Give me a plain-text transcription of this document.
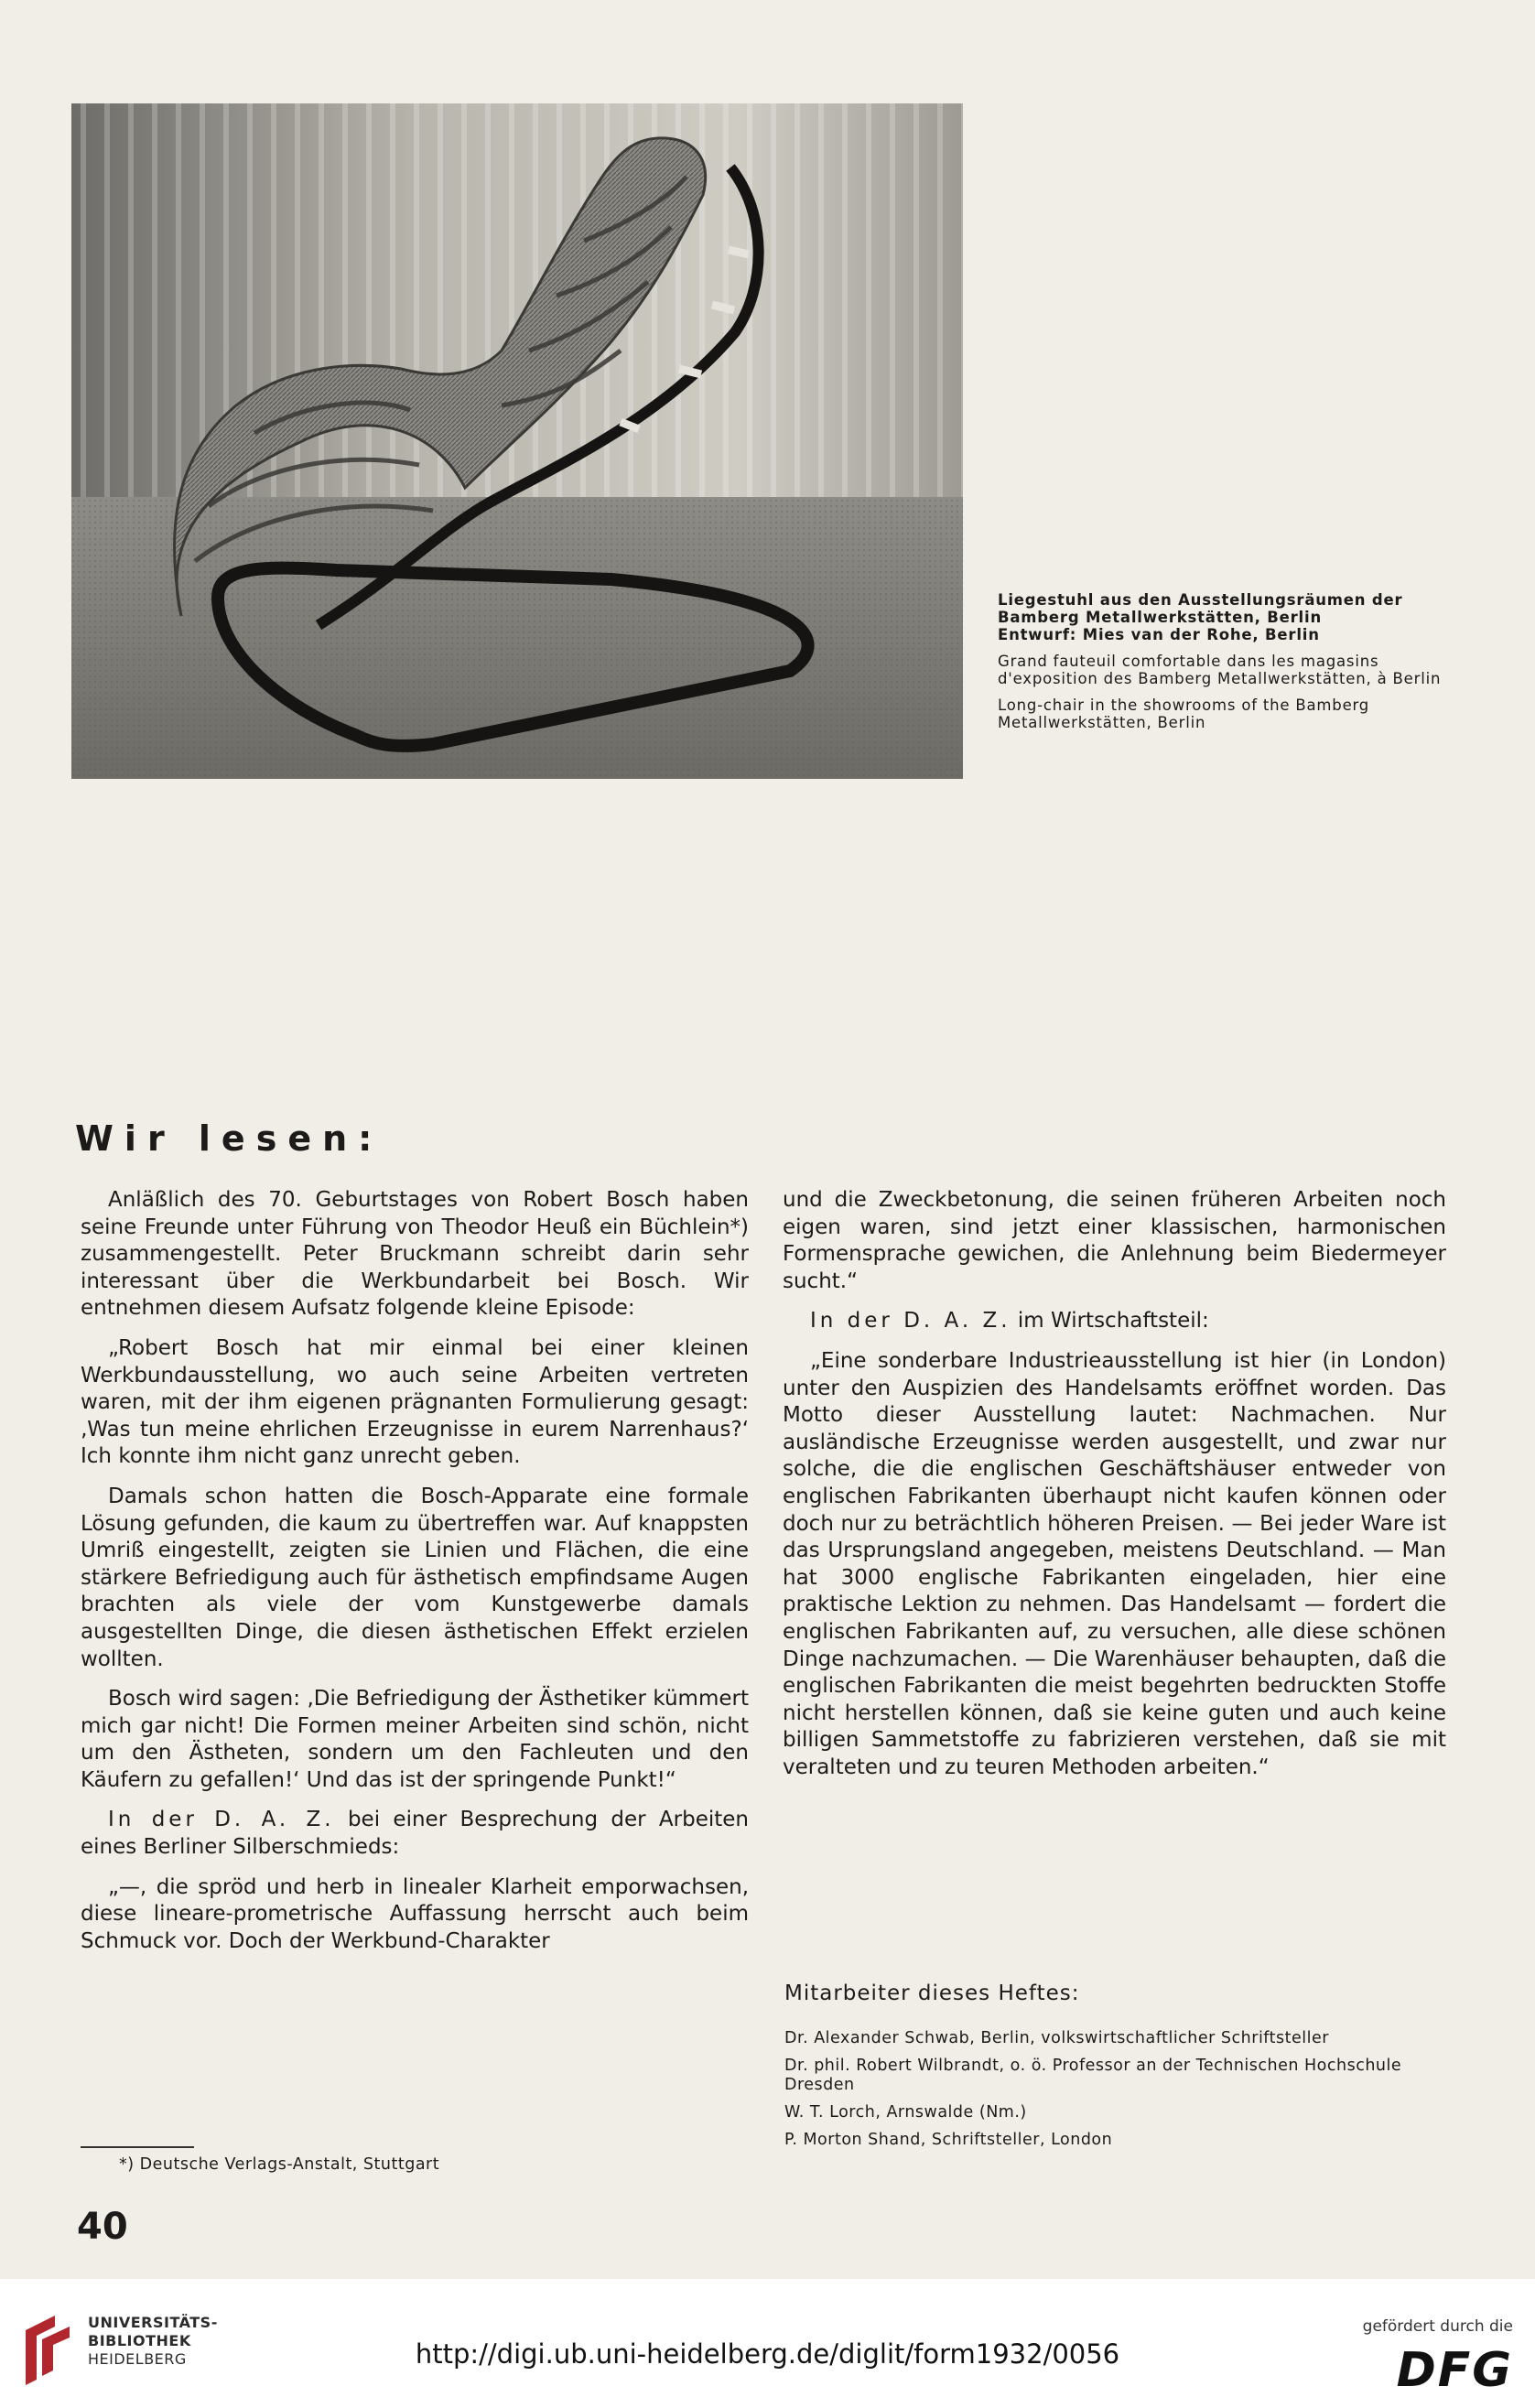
Liegestuhl aus den Ausstellungsräumen der
Bamberg Metallwerkstätten, Berlin
Entwurf: Mies van der Rohe, Berlin

Grand fauteuil comfortable dans les magasins d'exposition des Bamberg Metallwerkstätten, à Berlin

Long-chair in the showrooms of the Bamberg Metallwerkstätten, Berlin

Wir lesen:

Anläßlich des 70. Geburtstages von Robert Bosch haben seine Freunde unter Führung von Theodor Heuß ein Büchlein*) zusammengestellt. Peter Bruckmann schreibt darin sehr interessant über die Werkbundarbeit bei Bosch. Wir entnehmen diesem Aufsatz folgende kleine Episode:

„Robert Bosch hat mir einmal bei einer kleinen Werkbundausstellung, wo auch seine Arbeiten vertreten waren, mit der ihm eigenen prägnanten Formulierung gesagt: ‚Was tun meine ehrlichen Erzeugnisse in eurem Narrenhaus?‘ Ich konnte ihm nicht ganz unrecht geben.

Damals schon hatten die Bosch-Apparate eine formale Lösung gefunden, die kaum zu übertreffen war. Auf knappsten Umriß eingestellt, zeigten sie Linien und Flächen, die eine stärkere Befriedigung auch für ästhetisch empfindsame Augen brachten als viele der vom Kunstgewerbe damals ausgestellten Dinge, die diesen ästhetischen Effekt erzielen wollten.

Bosch wird sagen: ‚Die Befriedigung der Ästhetiker kümmert mich gar nicht! Die Formen meiner Arbeiten sind schön, nicht um den Ästheten, sondern um den Fachleuten und den Käufern zu gefallen!‘ Und das ist der springende Punkt!“

In der D. A. Z. bei einer Besprechung der Arbeiten eines Berliner Silberschmieds:

„—, die spröd und herb in linealer Klarheit emporwachsen, diese lineare-prometrische Auffassung herrscht auch beim Schmuck vor. Doch der Werkbund-Charakter

und die Zweckbetonung, die seinen früheren Arbeiten noch eigen waren, sind jetzt einer klassischen, harmonischen Formensprache gewichen, die Anlehnung beim Biedermeyer sucht.“

In der D. A. Z. im Wirtschaftsteil:

„Eine sonderbare Industrieausstellung ist hier (in London) unter den Auspizien des Handelsamts eröffnet worden. Das Motto dieser Ausstellung lautet: Nachmachen. Nur ausländische Erzeugnisse werden ausgestellt, und zwar nur solche, die die englischen Geschäftshäuser entweder von englischen Fabrikanten überhaupt nicht kaufen können oder doch nur zu beträchtlich höheren Preisen. — Bei jeder Ware ist das Ursprungsland angegeben, meistens Deutschland. — Man hat 3000 englische Fabrikanten eingeladen, hier eine praktische Lektion zu nehmen. Das Handelsamt — fordert die englischen Fabrikanten auf, zu versuchen, alle diese schönen Dinge nachzumachen. — Die Warenhäuser behaupten, daß die englischen Fabrikanten die meist begehrten bedruckten Stoffe nicht herstellen können, daß sie keine guten und auch keine billigen Sammetstoffe zu fabrizieren verstehen, daß sie mit veralteten und zu teuren Methoden arbeiten.“

Mitarbeiter dieses Heftes:
Dr. Alexander Schwab, Berlin, volkswirtschaftlicher Schriftsteller
Dr. phil. Robert Wilbrandt, o. ö. Professor an der Technischen Hochschule Dresden
W. T. Lorch, Arnswalde (Nm.)
P. Morton Shand, Schriftsteller, London
*) Deutsche Verlags-Anstalt, Stuttgart
40
UNIVERSITÄTS-
BIBLIOTHEK
HEIDELBERG	http://digi.ub.uni-heidelberg.de/diglit/form1932/0056
gefördert durch die
DFG
